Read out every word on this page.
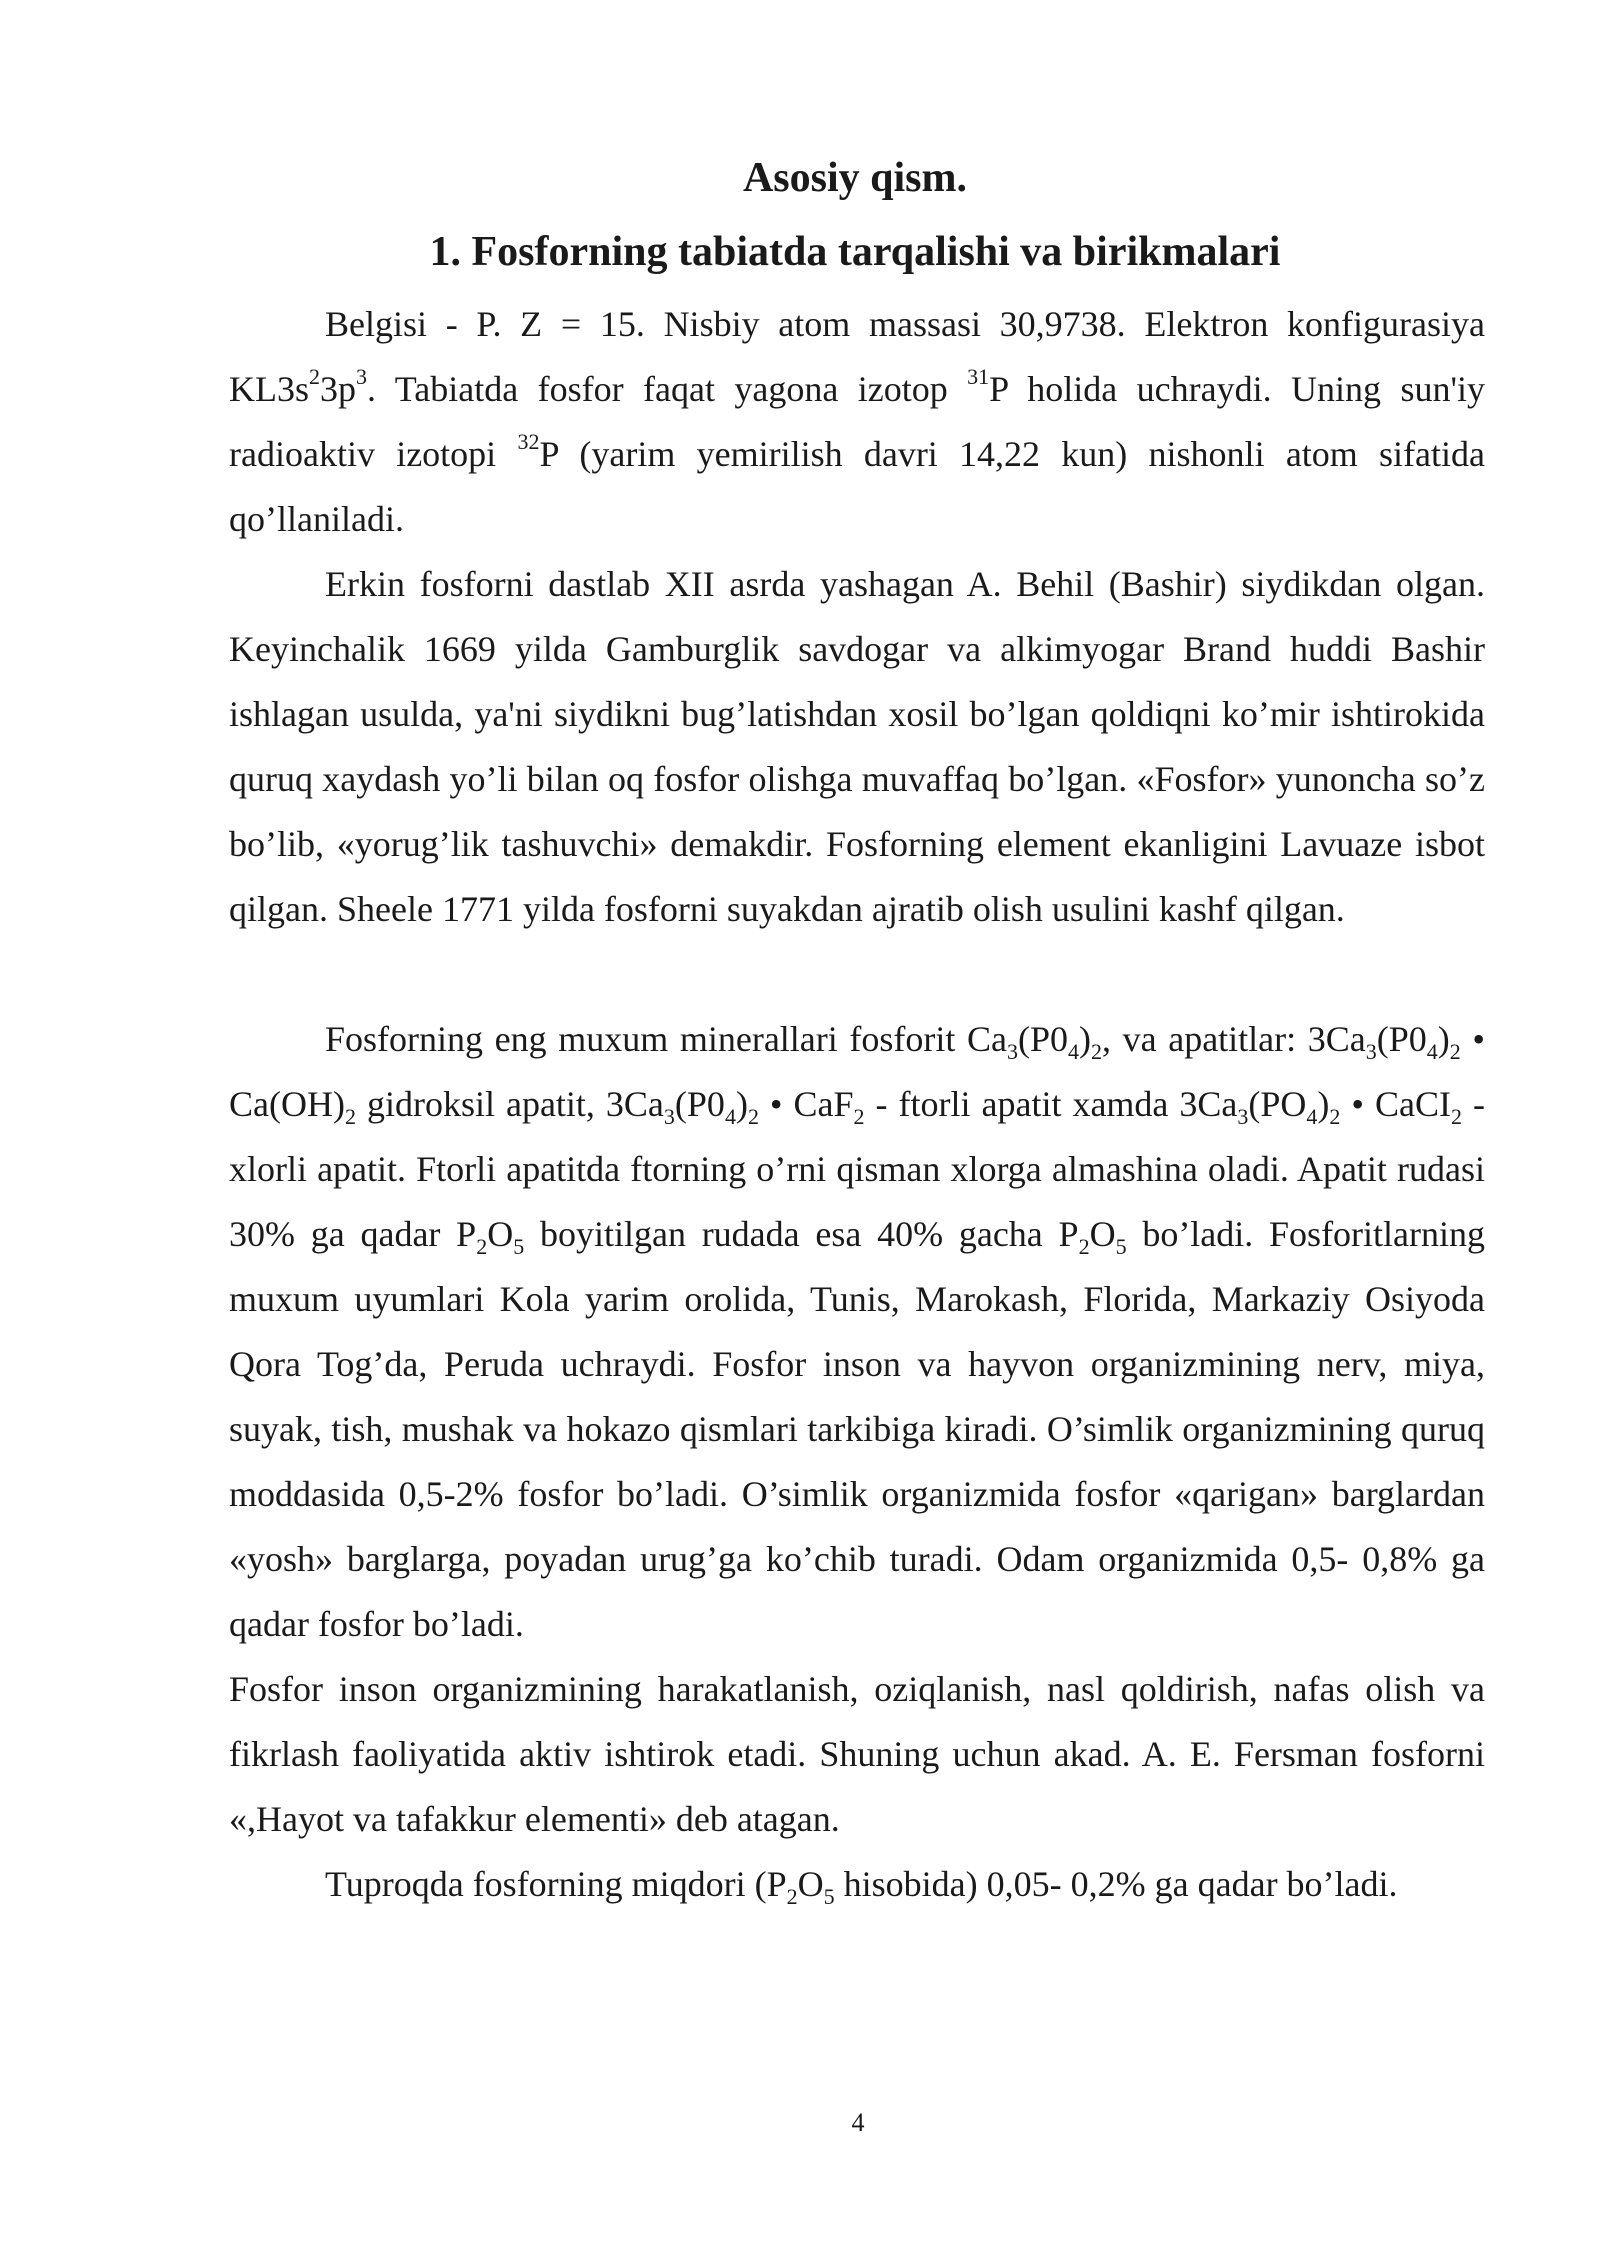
Asosiy qism.
1. Fosforning tabiatda tarqalishi va birikmalari

Belgisi - P. Z = 15. Nisbiy atom massasi 30,9738. Elektron konfigurasiya $KL3s^23p^3$. Tabiatda fosfor faqat yagona izotop $^{31}$P holida uchraydi. Uning sun'iy radioaktiv izotopi $^{32}$P (yarim yemirilish davri 14,22 kun) nishonli atom sifatida qo’llaniladi.

Erkin fosforni dastlab XII asrda yashagan A. Behil (Bashir) siydikdan olgan. Keyinchalik 1669 yilda Gamburglik savdogar va alkimyogar Brand huddi Bashir ishlagan usulda, ya'ni siydikni bug’latishdan xosil bo’lgan qoldiqni ko’mir ishtirokida quruq xaydash yo’li bilan oq fosfor olishga muvaffaq bo’lgan. «Fosfor» yunoncha so’z bo’lib, «yorug’lik tashuvchi» demakdir. Fosforning element ekanligini Lavuaze isbot qilgan. Sheele 1771 yilda fosforni suyakdan ajratib olish usulini kashf qilgan.

Fosforning eng muxum minerallari fosforit $Ca_3(P0_4)_2$, va apatitlar: $3Ca_3(P0_4)_2$ • $Ca(OH)_2$ gidroksil apatit, $3Ca_3(P0_4)_2$ • CaF$_2$ - ftorli apatit xamda $3Ca_3(PO_4)_2$ • CaCI$_2$ - xlorli apatit. Ftorli apatitda ftorning o’rni qisman xlorga almashina oladi. Apatit rudasi 30% ga qadar $P_2O_5$ boyitilgan rudada esa 40% gacha $P_2O_5$ bo’ladi. Fosforitlarning muxum uyumlari Kola yarim orolida, Tunis, Marokash, Florida, Markaziy Osiyoda Qora Tog’da, Peruda uchraydi. Fosfor inson va hayvon organizmining nerv, miya, suyak, tish, mushak va hokazo qismlari tarkibiga kiradi. O’simlik organizmining quruq moddasida 0,5-2% fosfor bo’ladi. O’simlik organizmida fosfor «qarigan» barglardan «yosh» barglarga, poyadan urug’ga ko’chib turadi. Odam organizmida 0,5- 0,8% ga qadar fosfor bo’ladi.

Fosfor inson organizmining harakatlanish, oziqlanish, nasl qoldirish, nafas olish va fikrlash faoliyatida aktiv ishtirok etadi. Shuning uchun akad. A. E. Fersman fosforni «,Hayot va tafakkur elementi» deb atagan.

Tuproqda fosforning miqdori ($P_2O_5$ hisobida) 0,05- 0,2% ga qadar bo’ladi.

4
